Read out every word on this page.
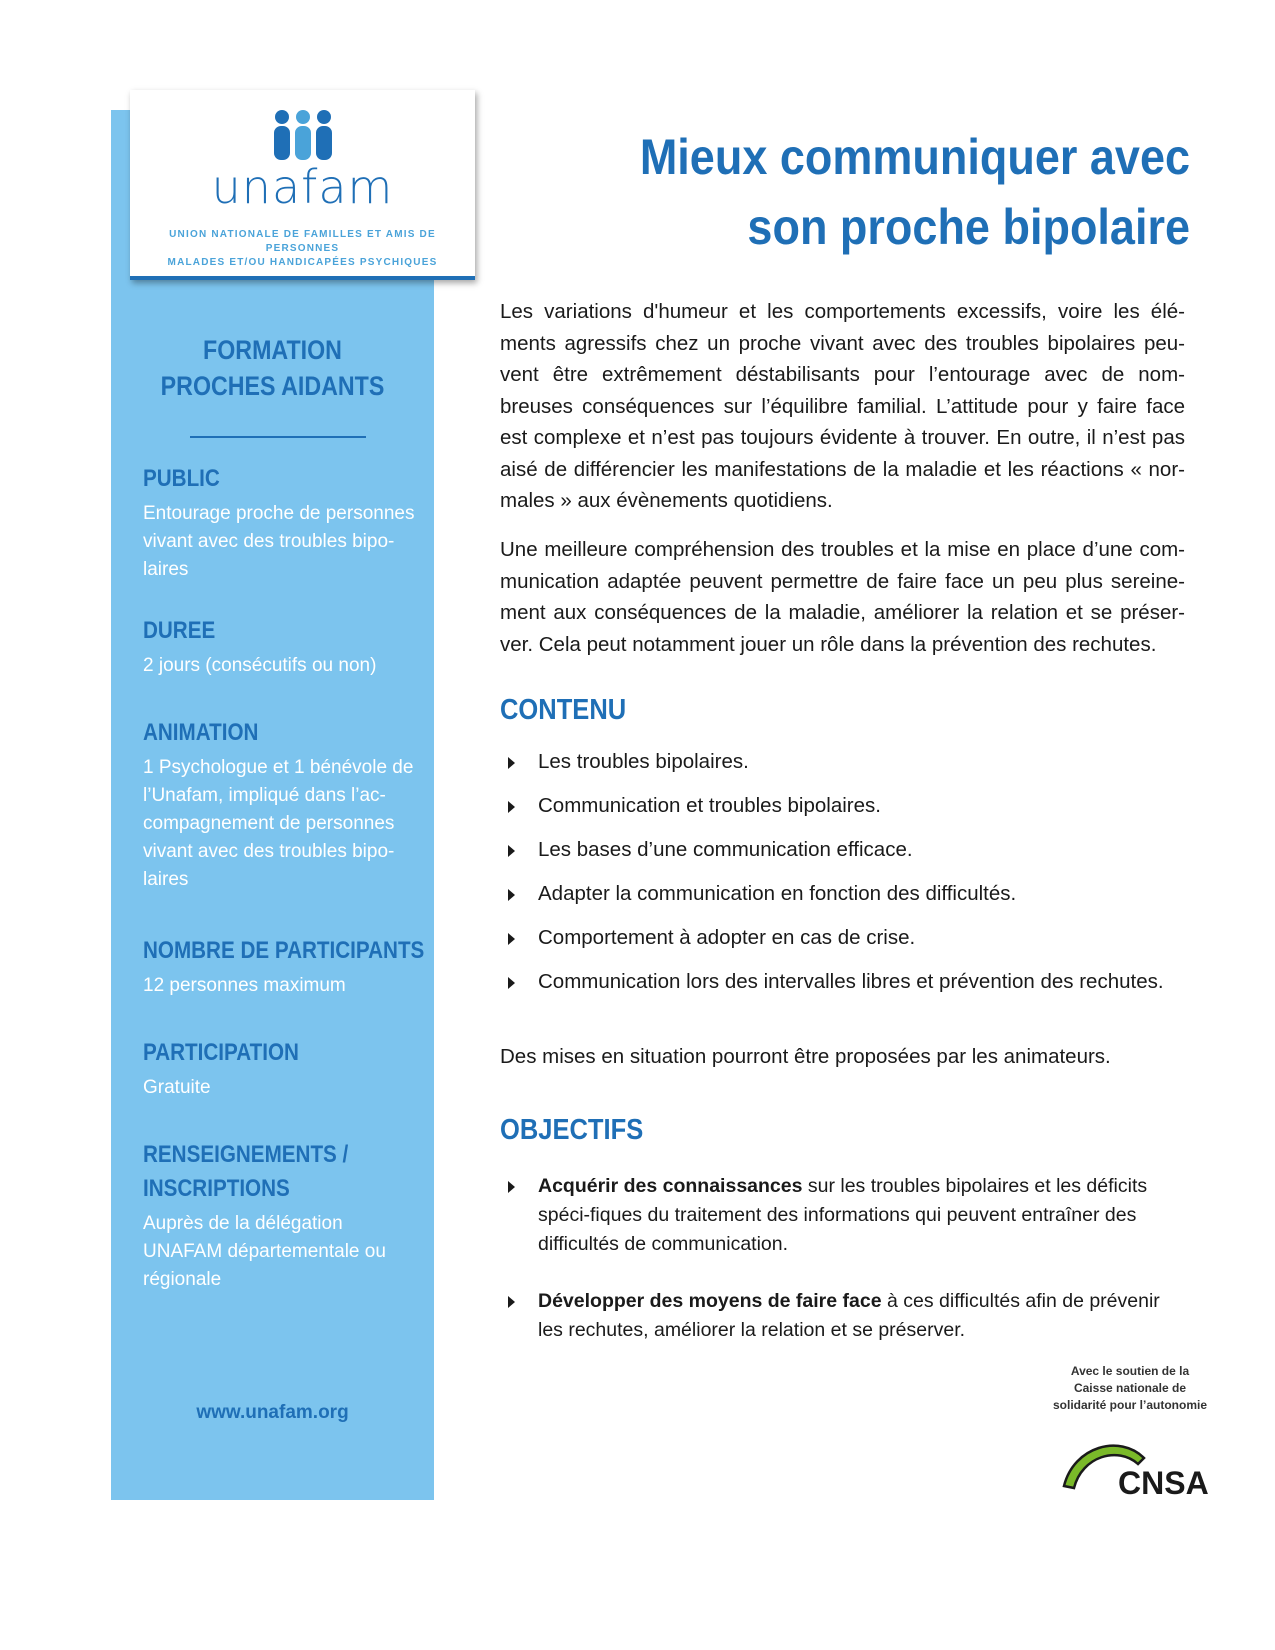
unafam
UNION NATIONALE DE FAMILLES ET AMIS DE PERSONNES
MALADES ET/OU HANDICAPÉES PSYCHIQUES
FORMATION
PROCHES AIDANTS
PUBLIC
Entourage proche de personnes vivant avec des troubles bipo-laires
DUREE
2 jours (consécutifs ou non)
ANIMATION
1 Psychologue et 1 bénévole de l’Unafam, impliqué dans l’ac-compagnement de personnes vivant avec des troubles bipo-laires
NOMBRE DE PARTICIPANTS
12 personnes maximum
PARTICIPATION
Gratuite
RENSEIGNEMENTS /
INSCRIPTIONS
Auprès de la délégation UNAFAM départementale ou régionale
www.unafam.org
Mieux communiquer avec
son proche bipolaire
Les variations d'humeur et les comportements excessifs, voire les élé-ments agressifs chez un proche vivant avec des troubles bipolaires peu-vent être extrêmement déstabilisants pour l’entourage avec de nom-breuses conséquences sur l’équilibre familial. L’attitude pour y faire face est complexe et n’est pas toujours évidente à trouver. En outre, il n’est pas aisé de différencier les manifestations de la maladie et les réactions « nor-males » aux évènements quotidiens.
Une meilleure compréhension des troubles et la mise en place d’une com-munication adaptée peuvent permettre de faire face un peu plus sereine-ment aux conséquences de la maladie, améliorer la relation et se préser-ver. Cela peut notamment jouer un rôle dans la prévention des rechutes.
CONTENU
Les troubles bipolaires.
Communication et troubles bipolaires.
Les bases d’une communication efficace.
Adapter la communication en fonction des difficultés.
Comportement à adopter en cas de crise.
Communication lors des intervalles libres et prévention des rechutes.
Des mises en situation pourront être proposées par les animateurs.
OBJECTIFS
Acquérir des connaissances sur les troubles bipolaires et les déficits spéci-fiques du traitement des informations qui peuvent entraîner des difficultés de communication.
Développer des moyens de faire face à ces difficultés afin de prévenir les rechutes, améliorer la relation et se préserver.
Avec le soutien de la
Caisse nationale de
solidarité pour l’autonomie
CNSA
